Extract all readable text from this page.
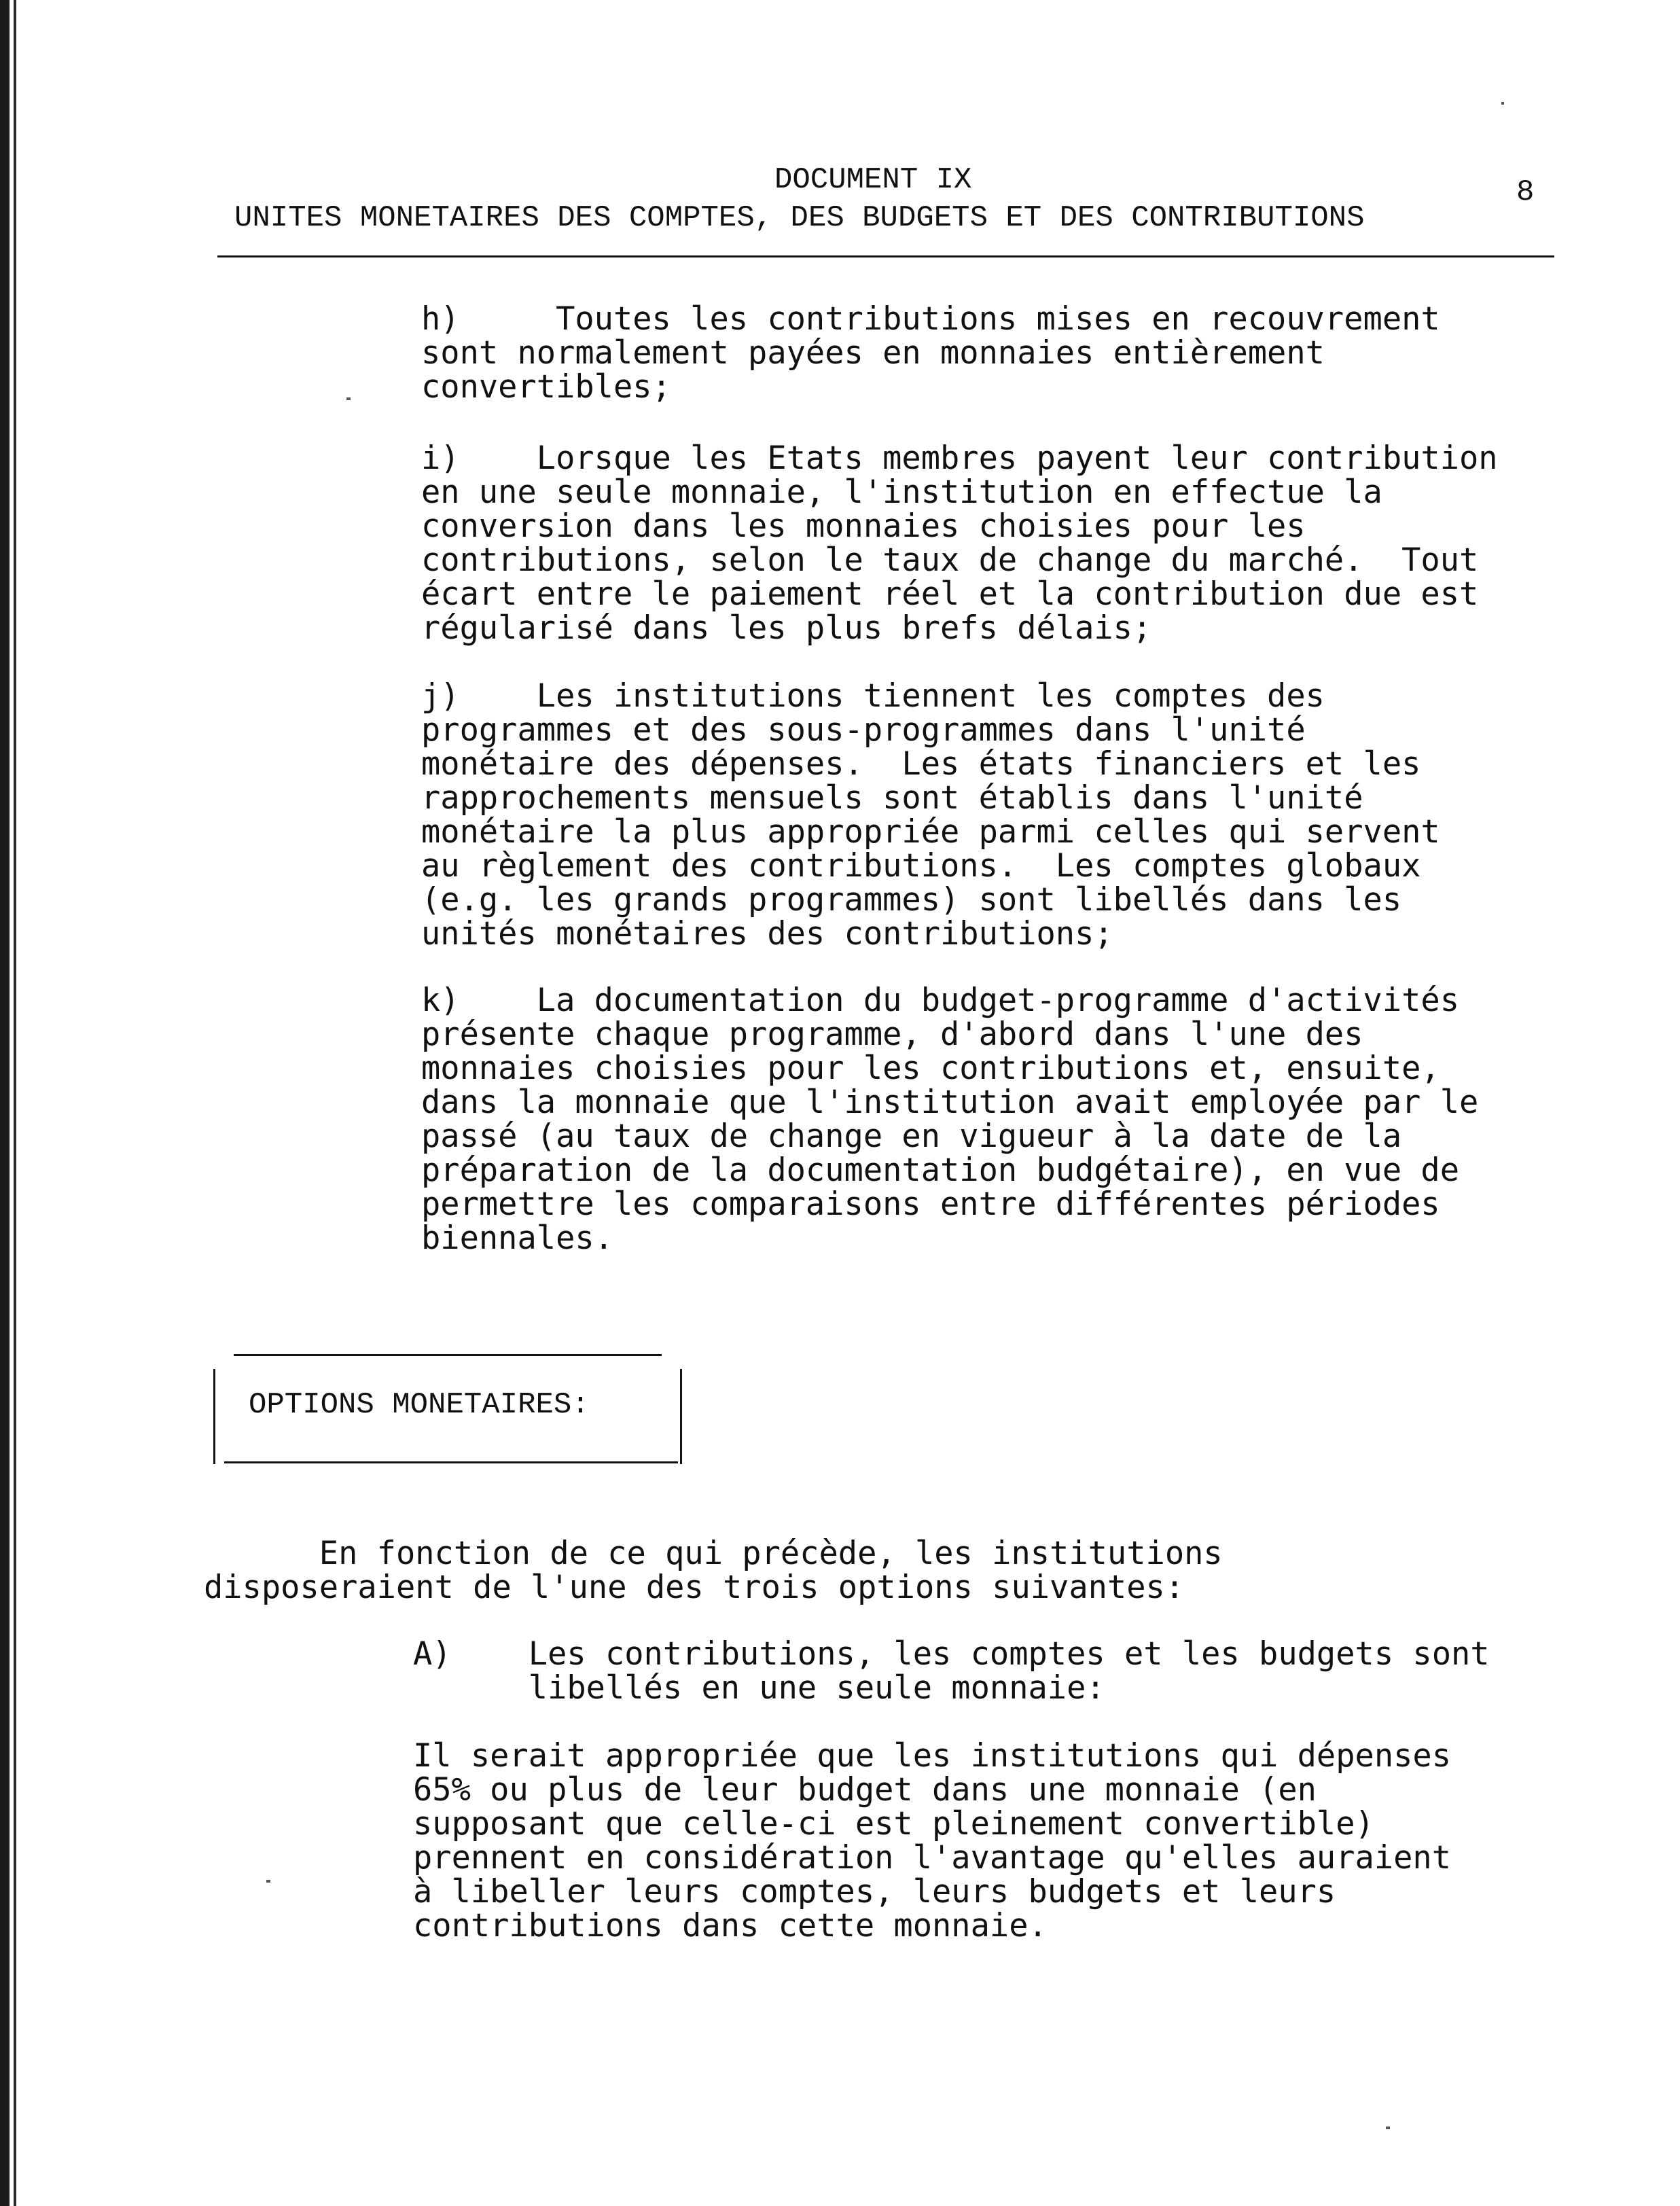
DOCUMENT IX	8
UNITES MONETAIRES DES COMPTES, DES BUDGETS ET DES CONTRIBUTIONS
h)     Toutes les contributions mises en recouvrement
sont normalement payées en monnaies entièrement
convertibles;
i)    Lorsque les Etats membres payent leur contribution
en une seule monnaie, l'institution en effectue la
conversion dans les monnaies choisies pour les
contributions, selon le taux de change du marché.  Tout
écart entre le paiement réel et la contribution due est
régularisé dans les plus brefs délais;
j)    Les institutions tiennent les comptes des
programmes et des sous-programmes dans l'unité
monétaire des dépenses.  Les états financiers et les
rapprochements mensuels sont établis dans l'unité
monétaire la plus appropriée parmi celles qui servent
au règlement des contributions.  Les comptes globaux
(e.g. les grands programmes) sont libellés dans les
unités monétaires des contributions;
k)    La documentation du budget-programme d'activités
présente chaque programme, d'abord dans l'une des
monnaies choisies pour les contributions et, ensuite,
dans la monnaie que l'institution avait employée par le
passé (au taux de change en vigueur à la date de la
préparation de la documentation budgétaire), en vue de
permettre les comparaisons entre différentes périodes
biennales.
OPTIONS MONETAIRES:
En fonction de ce qui précède, les institutions
disposeraient de l'une des trois options suivantes:
A)    Les contributions, les comptes et les budgets sont
libellés en une seule monnaie:
Il serait appropriée que les institutions qui dépenses
65% ou plus de leur budget dans une monnaie (en
supposant que celle-ci est pleinement convertible)
prennent en considération l'avantage qu'elles auraient
à libeller leurs comptes, leurs budgets et leurs
contributions dans cette monnaie.
